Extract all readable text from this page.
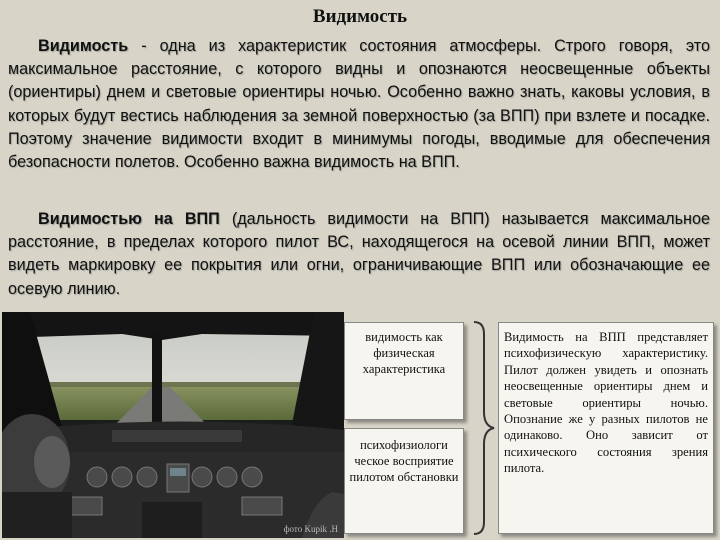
Видимость

Видимость - одна из характеристик состояния атмосферы. Строго говоря, это максимальное расстояние, с которого видны и опознаются неосвещенные объекты (ориентиры) днем и световые ориентиры ночью. Особенно важно знать, каковы условия, в которых будут вестись наблюдения за земной поверхностью (за ВПП) при взлете и посадке. Поэтому значение видимости входит в минимумы погоды, вводимые для обеспечения безопасности полетов. Особенно важна видимость на ВПП.

Видимостью на ВПП (дальность видимости на ВПП) называется максимальное расстояние, в пределах которого пилот ВС, находящегося на осевой линии ВПП, может видеть маркировку ее покрытия или огни, ограничивающие ВПП или обозначающие ее осевую линию.

фото Kupik .H
видимость как физическая характеристика
психофизиологи ческое восприятие пилотом обстановки
Видимость на ВПП представляет психофизическую характеристику. Пилот должен увидеть и опознать неосвещенные ориентиры днем и световые ориентиры ночью. Опознание же у разных пилотов не одинаково. Оно зависит от психического состояния зрения пилота.
